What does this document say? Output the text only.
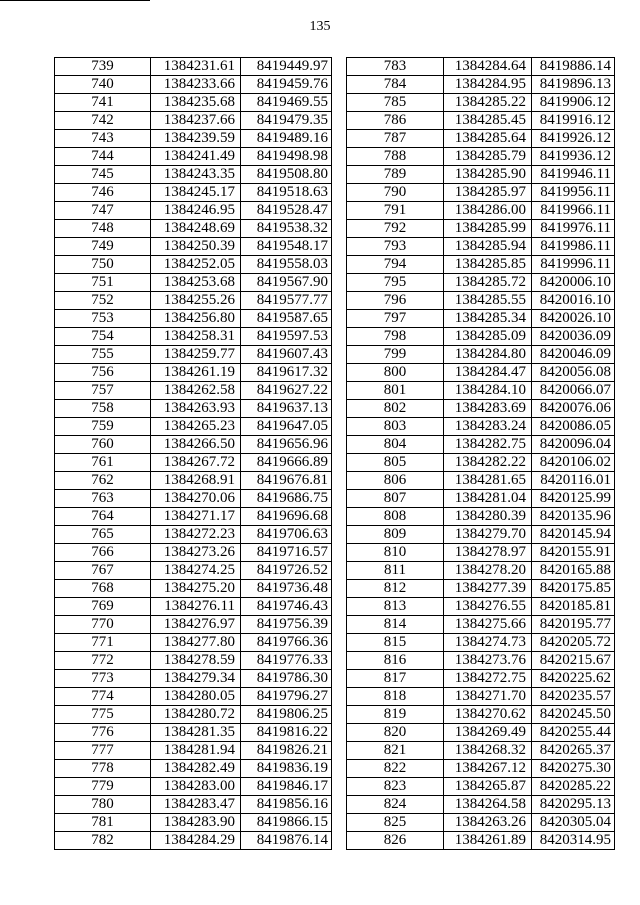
135
739	1384231.61	8419449.97
740	1384233.66	8419459.76
741	1384235.68	8419469.55
742	1384237.66	8419479.35
743	1384239.59	8419489.16
744	1384241.49	8419498.98
745	1384243.35	8419508.80
746	1384245.17	8419518.63
747	1384246.95	8419528.47
748	1384248.69	8419538.32
749	1384250.39	8419548.17
750	1384252.05	8419558.03
751	1384253.68	8419567.90
752	1384255.26	8419577.77
753	1384256.80	8419587.65
754	1384258.31	8419597.53
755	1384259.77	8419607.43
756	1384261.19	8419617.32
757	1384262.58	8419627.22
758	1384263.93	8419637.13
759	1384265.23	8419647.05
760	1384266.50	8419656.96
761	1384267.72	8419666.89
762	1384268.91	8419676.81
763	1384270.06	8419686.75
764	1384271.17	8419696.68
765	1384272.23	8419706.63
766	1384273.26	8419716.57
767	1384274.25	8419726.52
768	1384275.20	8419736.48
769	1384276.11	8419746.43
770	1384276.97	8419756.39
771	1384277.80	8419766.36
772	1384278.59	8419776.33
773	1384279.34	8419786.30
774	1384280.05	8419796.27
775	1384280.72	8419806.25
776	1384281.35	8419816.22
777	1384281.94	8419826.21
778	1384282.49	8419836.19
779	1384283.00	8419846.17
780	1384283.47	8419856.16
781	1384283.90	8419866.15
782	1384284.29	8419876.14
783	1384284.64	8419886.14
784	1384284.95	8419896.13
785	1384285.22	8419906.12
786	1384285.45	8419916.12
787	1384285.64	8419926.12
788	1384285.79	8419936.12
789	1384285.90	8419946.11
790	1384285.97	8419956.11
791	1384286.00	8419966.11
792	1384285.99	8419976.11
793	1384285.94	8419986.11
794	1384285.85	8419996.11
795	1384285.72	8420006.10
796	1384285.55	8420016.10
797	1384285.34	8420026.10
798	1384285.09	8420036.09
799	1384284.80	8420046.09
800	1384284.47	8420056.08
801	1384284.10	8420066.07
802	1384283.69	8420076.06
803	1384283.24	8420086.05
804	1384282.75	8420096.04
805	1384282.22	8420106.02
806	1384281.65	8420116.01
807	1384281.04	8420125.99
808	1384280.39	8420135.96
809	1384279.70	8420145.94
810	1384278.97	8420155.91
811	1384278.20	8420165.88
812	1384277.39	8420175.85
813	1384276.55	8420185.81
814	1384275.66	8420195.77
815	1384274.73	8420205.72
816	1384273.76	8420215.67
817	1384272.75	8420225.62
818	1384271.70	8420235.57
819	1384270.62	8420245.50
820	1384269.49	8420255.44
821	1384268.32	8420265.37
822	1384267.12	8420275.30
823	1384265.87	8420285.22
824	1384264.58	8420295.13
825	1384263.26	8420305.04
826	1384261.89	8420314.95
